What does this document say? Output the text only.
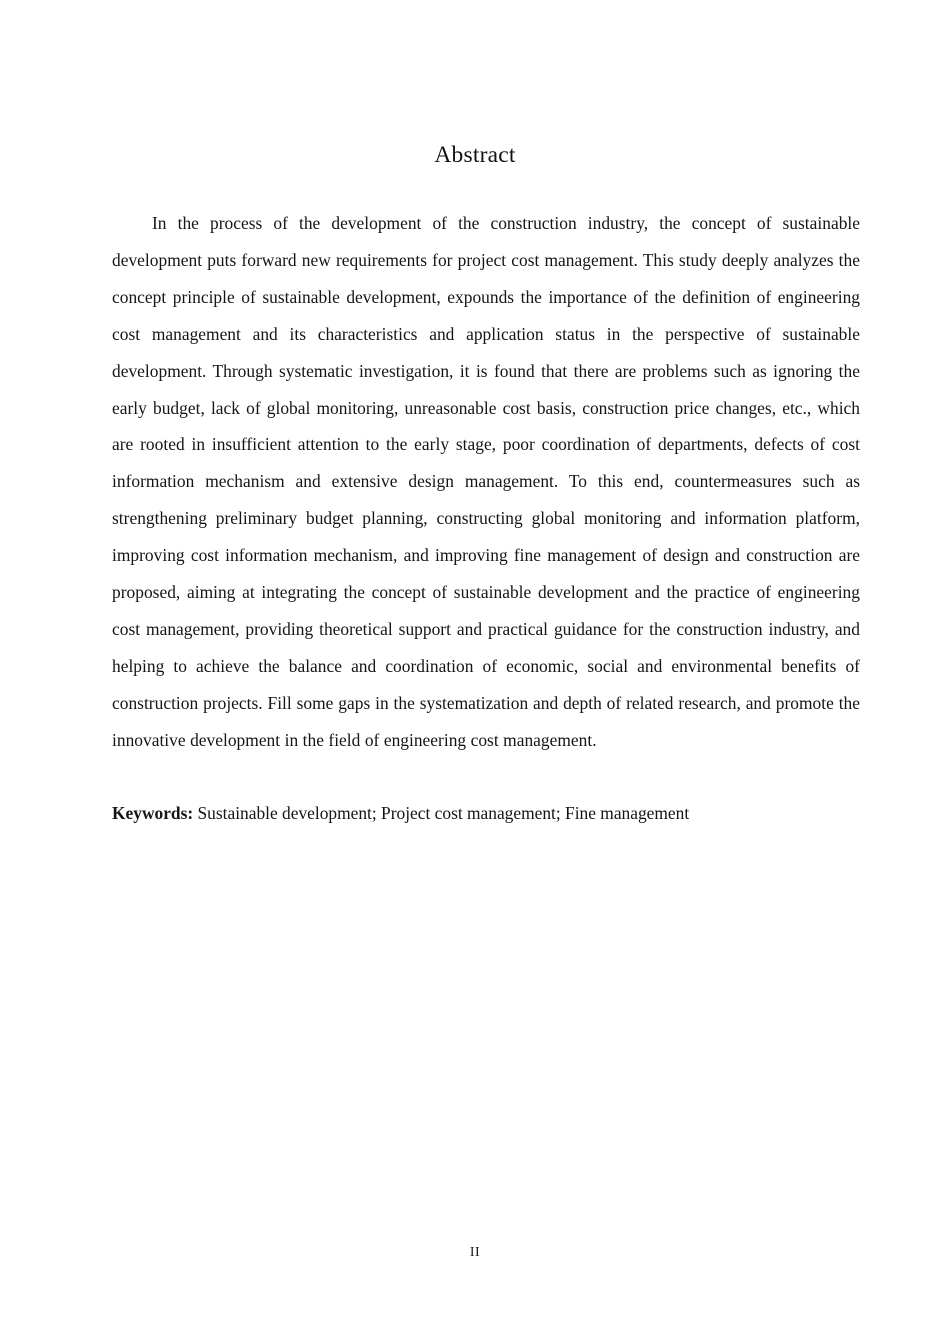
Abstract

In the process of the development of the construction industry, the concept of sustainable development puts forward new requirements for project cost management. This study deeply analyzes the concept principle of sustainable development, expounds the importance of the definition of engineering cost management and its characteristics and application status in the perspective of sustainable development. Through systematic investigation, it is found that there are problems such as ignoring the early budget, lack of global monitoring, unreasonable cost basis, construction price changes, etc., which are rooted in insufficient attention to the early stage, poor coordination of departments, defects of cost information mechanism and extensive design management. To this end, countermeasures such as strengthening preliminary budget planning, constructing global monitoring and information platform, improving cost information mechanism, and improving fine management of design and construction are proposed, aiming at integrating the concept of sustainable development and the practice of engineering cost management, providing theoretical support and practical guidance for the construction industry, and helping to achieve the balance and coordination of economic, social and environmental benefits of construction projects. Fill some gaps in the systematization and depth of related research, and promote the innovative development in the field of engineering cost management.

Keywords: Sustainable development; Project cost management; Fine management

II
